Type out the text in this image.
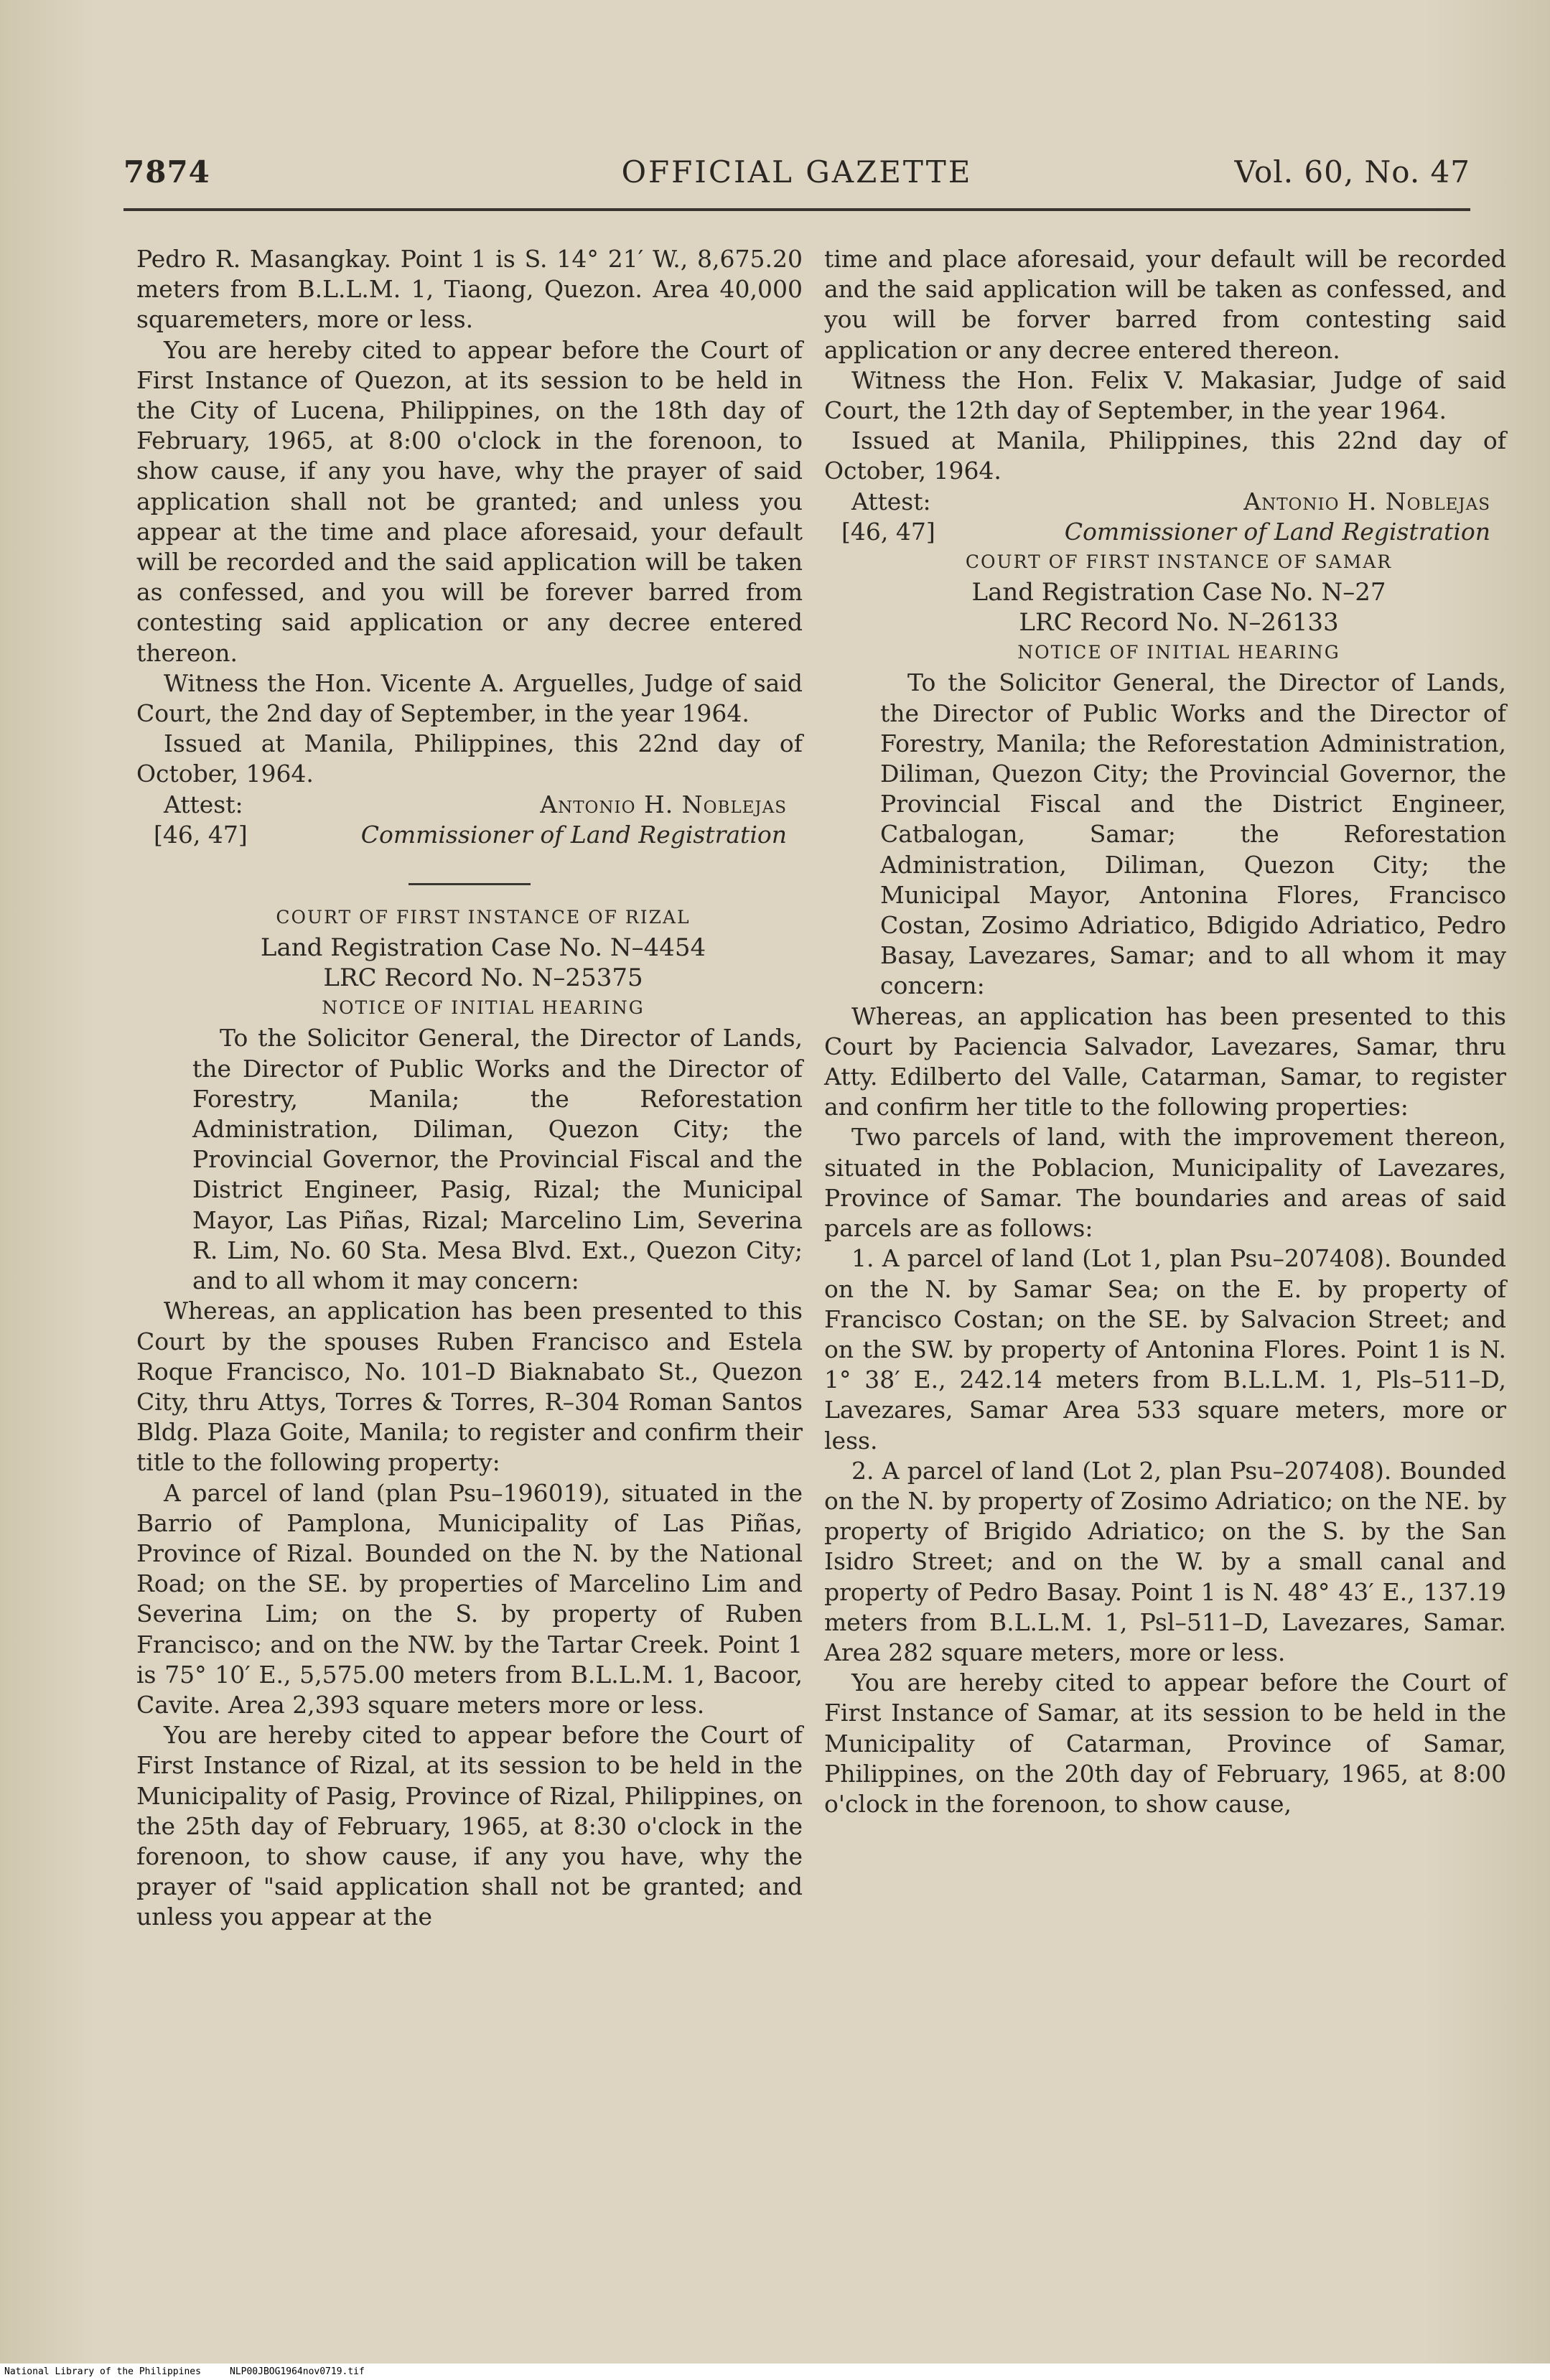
OFFICIAL GAZETTE
7874	Vol. 60, No. 47

Pedro R. Masangkay. Point 1 is S. 14° 21′ W., 8,675.20 meters from B.L.L.M. 1, Tiaong, Quezon. Area 40,000 squaremeters, more or less.

You are hereby cited to appear before the Court of First Instance of Quezon, at its session to be held in the City of Lucena, Philippines, on the 18th day of February, 1965, at 8:00 o'clock in the forenoon, to show cause, if any you have, why the prayer of said application shall not be granted; and unless you appear at the time and place aforesaid, your default will be recorded and the said application will be taken as confessed, and you will be forever barred from contesting said application or any decree entered thereon.

Witness the Hon. Vicente A. Arguelles, Judge of said Court, the 2nd day of September, in the year 1964.

Issued at Manila, Philippines, this 22nd day of October, 1964.

Attest:	Antonio H. Noblejas
[46, 47]	Commissioner of Land Registration

COURT OF FIRST INSTANCE OF RIZAL

Land Registration Case No. N–4454

LRC Record No. N–25375

NOTICE OF INITIAL HEARING

To the Solicitor General, the Director of Lands, the Director of Public Works and the Director of Forestry, Manila; the Reforestation Administration, Diliman, Quezon City; the Provincial Governor, the Provincial Fiscal and the District Engineer, Pasig, Rizal; the Municipal Mayor, Las Piñas, Rizal; Marcelino Lim, Severina R. Lim, No. 60 Sta. Mesa Blvd. Ext., Quezon City; and to all whom it may concern:

Whereas, an application has been presented to this Court by the spouses Ruben Francisco and Estela Roque Francisco, No. 101–D Biaknabato St., Quezon City, thru Attys, Torres & Torres, R–304 Roman Santos Bldg. Plaza Goite, Manila; to register and confirm their title to the following property:

A parcel of land (plan Psu–196019), situated in the Barrio of Pamplona, Municipality of Las Piñas, Province of Rizal. Bounded on the N. by the National Road; on the SE. by properties of Marcelino Lim and Severina Lim; on the S. by property of Ruben Francisco; and on the NW. by the Tartar Creek. Point 1 is 75° 10′ E., 5,575.00 meters from B.L.L.M. 1, Bacoor, Cavite. Area 2,393 square meters more or less.

You are hereby cited to appear before the Court of First Instance of Rizal, at its session to be held in the Municipality of Pasig, Province of Rizal, Philippines, on the 25th day of February, 1965, at 8:30 o'clock in the forenoon, to show cause, if any you have, why the prayer of "said application shall not be granted; and unless you appear at the

time and place aforesaid, your default will be recorded and the said application will be taken as confessed, and you will be forver barred from contesting said application or any decree entered thereon.

Witness the Hon. Felix V. Makasiar, Judge of said Court, the 12th day of September, in the year 1964.

Issued at Manila, Philippines, this 22nd day of October, 1964.

Attest:	Antonio H. Noblejas
[46, 47]	Commissioner of Land Registration

COURT OF FIRST INSTANCE OF SAMAR

Land Registration Case No. N–27

LRC Record No. N–26133

NOTICE OF INITIAL HEARING

To the Solicitor General, the Director of Lands, the Director of Public Works and the Director of Forestry, Manila; the Reforestation Administration, Diliman, Quezon City; the Provincial Governor, the Provincial Fiscal and the District Engineer, Catbalogan, Samar; the Reforestation Administration, Diliman, Quezon City; the Municipal Mayor, Antonina Flores, Francisco Costan, Zosimo Adriatico, Bdigido Adriatico, Pedro Basay, Lavezares, Samar; and to all whom it may concern:

Whereas, an application has been presented to this Court by Paciencia Salvador, Lavezares, Samar, thru Atty. Edilberto del Valle, Catarman, Samar, to register and confirm her title to the following properties:

Two parcels of land, with the improvement thereon, situated in the Poblacion, Municipality of Lavezares, Province of Samar. The boundaries and areas of said parcels are as follows:

1. A parcel of land (Lot 1, plan Psu–207408). Bounded on the N. by Samar Sea; on the E. by property of Francisco Costan; on the SE. by Salvacion Street; and on the SW. by property of Antonina Flores. Point 1 is N. 1° 38′ E., 242.14 meters from B.L.L.M. 1, Pls–511–D, Lavezares, Samar Area 533 square meters, more or less.

2. A parcel of land (Lot 2, plan Psu–207408). Bounded on the N. by property of Zosimo Adriatico; on the NE. by property of Brigido Adriatico; on the S. by the San Isidro Street; and on the W. by a small canal and property of Pedro Basay. Point 1 is N. 48° 43′ E., 137.19 meters from B.L.L.M. 1, Psl–511–D, Lavezares, Samar. Area 282 square meters, more or less.

You are hereby cited to appear before the Court of First Instance of Samar, at its session to be held in the Municipality of Catarman, Province of Samar, Philippines, on the 20th day of February, 1965, at 8:00 o'clock in the forenoon, to show cause,

National Library of the Philippines	NLP00JBOG1964nov0719.tif
